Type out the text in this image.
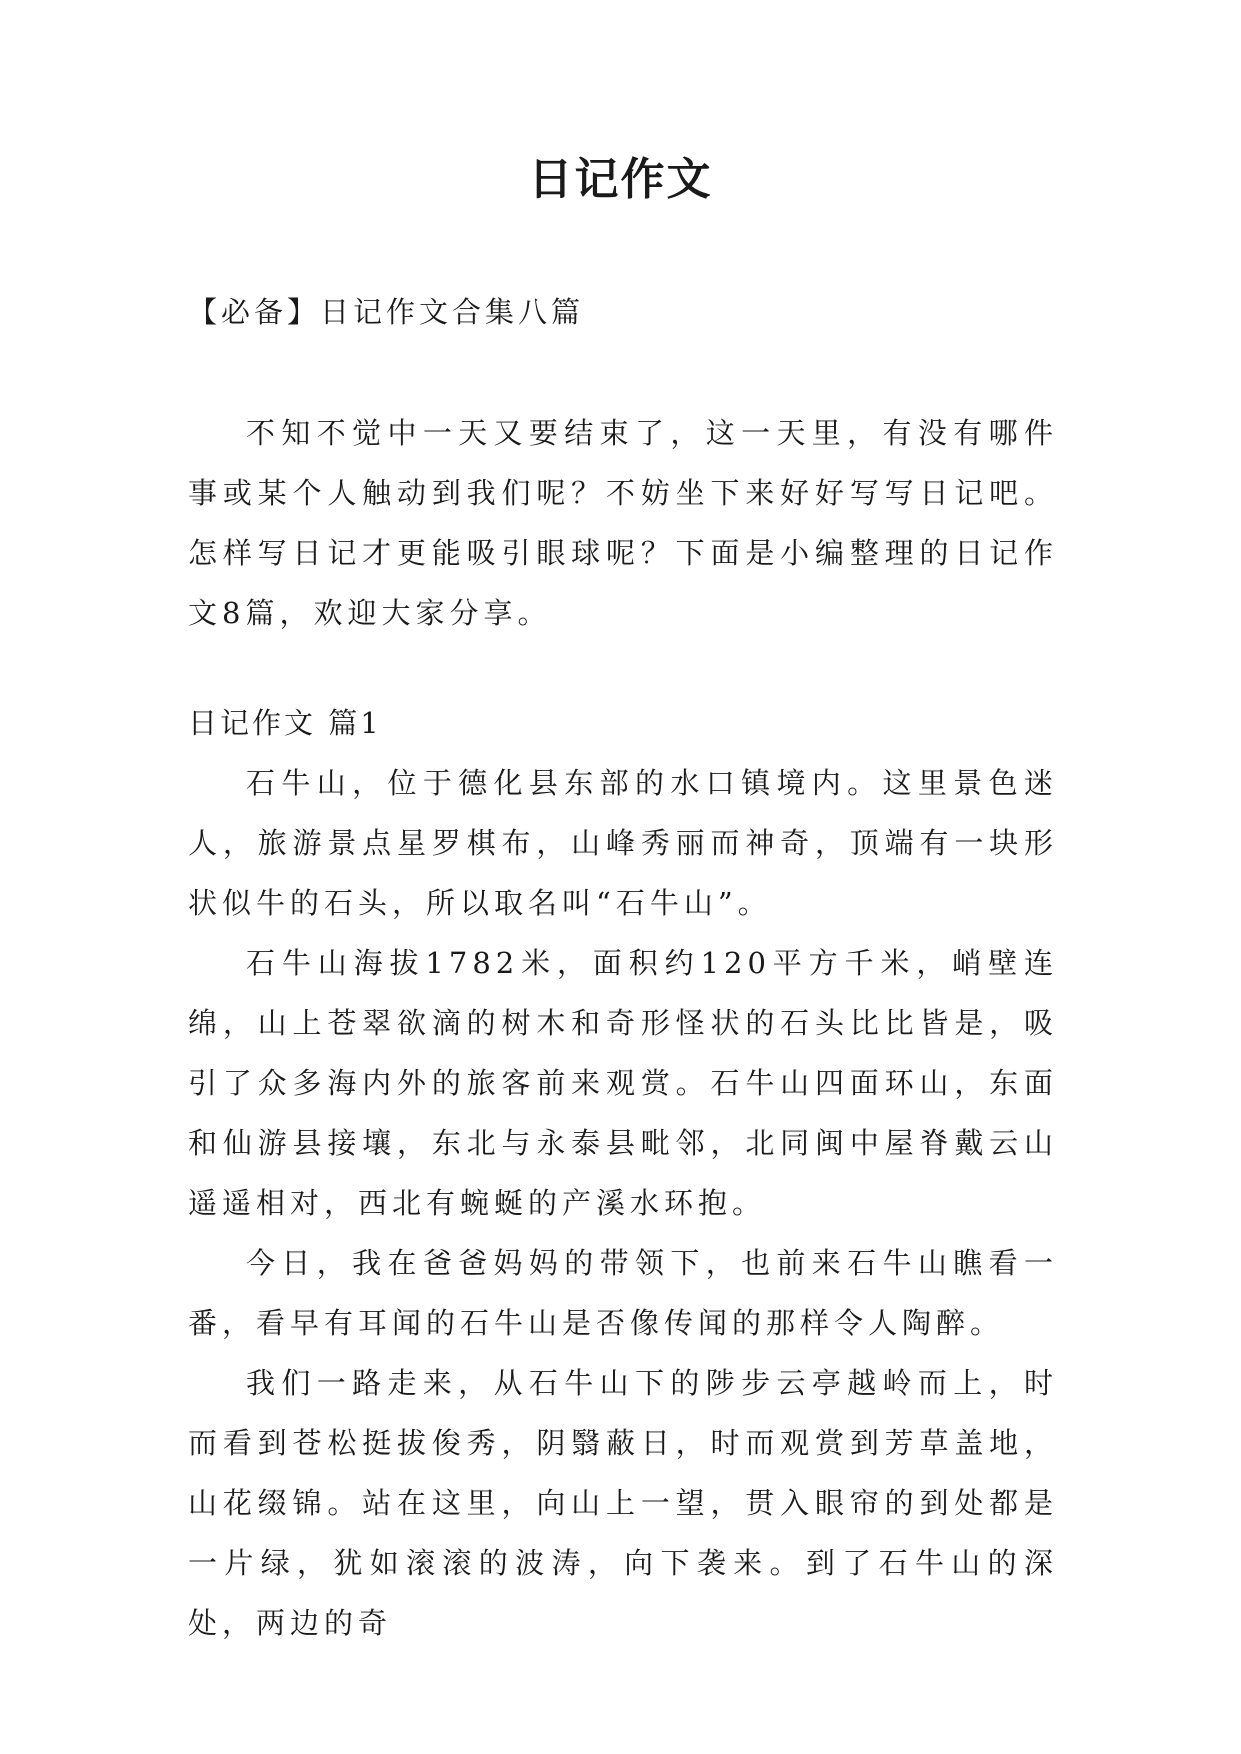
日记作文
【必备】日记作文合集八篇

不知不觉中一天又要结束了，这一天里，有没有哪件事或某个人触动到我们呢？不妨坐下来好好写写日记吧。怎样写日记才更能吸引眼球呢？下面是小编整理的日记作文8篇，欢迎大家分享。

日记作文 篇1

石牛山，位于德化县东部的水口镇境内。这里景色迷人，旅游景点星罗棋布，山峰秀丽而神奇，顶端有一块形状似牛的石头，所以取名叫“石牛山”。

石牛山海拔1782米，面积约120平方千米，峭壁连绵，山上苍翠欲滴的树木和奇形怪状的石头比比皆是，吸引了众多海内外的旅客前来观赏。石牛山四面环山，东面和仙游县接壤，东北与永泰县毗邻，北同闽中屋脊戴云山遥遥相对，西北有蜿蜒的产溪水环抱。

今日，我在爸爸妈妈的带领下，也前来石牛山瞧看一番，看早有耳闻的石牛山是否像传闻的那样令人陶醉。

我们一路走来，从石牛山下的陟步云亭越岭而上，时而看到苍松挺拔俊秀，阴翳蔽日，时而观赏到芳草盖地，山花缀锦。站在这里，向山上一望，贯入眼帘的到处都是一片绿，犹如滚滚的波涛，向下袭来。到了石牛山的深处，两边的奇
